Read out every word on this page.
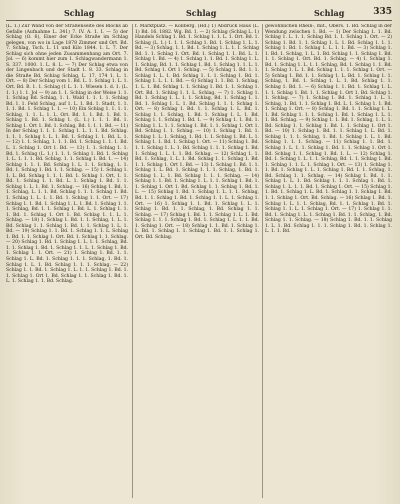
Schlag	Schlag	Schlag	335
(L. 1.) Zur Wand von der Straßenseite des Blocks ab Gefalle (Aufnahme L. 341) 7. IV. A. 1. I. — 5) der Schlag (O. 6), Einer der Ecke Straße im Schlag gelegen, von wo in Lage 1878 Zimmer und Ort. Bd. 7. Schlag, Tsch. L. 11 und Kilo 1844. 1. L. 7. Der Schlag sich ohne jeden Zusammenhang am Ort. 7. Jol. — 6) kommt hier zum 1. Schlagwandermann 1. S. 337. 1000. 1. L. 8. L. — 7) Der Schlag etwa von der Lingenbach und der Stadt 1. 8. 33. Schlag in die Straße Bd. Schlag Schlag, L. 17. 174 1. L. 1. Ort. — 8) Der Schlag vom 1. Bd. L. 1. Schlag 1. L. 1. Ort. Bd. B. 1. 1. Schlag (1 L. 1. 1. Wiesen 1. d. 1. (L. 1. 1.) 1. 1. Jol — 9) an 1. 1. Schlag in der Weise 1. 1. 1. Schlag Bd. Schlag, 1. 1. Wald 1. 1. 1. 1. Schlag Bd. 1. 1. Feld Schlag, auf 1. L. 1. Bd. 1. Stadt, 1. 1. 1. 1. Bd. 1. Schlag 1. 1. — 10) Ein Schlag 1. 1. 1. 1. Schlag, 1. 1. L. 1. L. Ort. Bd. 1. 1. Bd. 1. Bd. 1. Schlag 1. Bd. 1. Schlag 1. (L. 1.) 1. 1. 1. Bd. 1. Schlag 1. Ort 1. Bd. 1. Schlag, Bd. 1. 1. 1. Bd. — 11) In der Schlag 1. 1. 1. Schlag 1. L. 1. 1. Bd. Schlag. 1. 1. 1. Schlag 1. L. 1. Bd. 1. Schlag 1. 1. Bd. L. 1. — 12) 1. 1. Schlag, 1. 1. 1. Bd. 1. Schlag 1. 1. 1. Bd. L. 1. Schlag 1. Ort 1. Bd. — 13) 1. 1. Schlag 1. 1. Bd. 1. Schlag (L. 1.) 1. 1. 1. Schlag 1. Bd. 1. Schlag 1. L. 1. 1. 1. Bd. Schlag. 1. 1. Schlag 1. Bd. 1. — 14) Schlag 1. 1. 1. Bd. Schlag 1. L. 1. 1. Schlag, 1. 1. Bd. 1. Schlag 1. Bd. 1. 1. Schlag. — 15) 1. Schlag 1. 1. L. Bd. Schlag 1. 1. 1. Bd. 1. Schlag 1. Ort, 1. 1. Bd. 1. Schlag 1. 1. Bd. L. 1. Schlag 1. Bd. 1. 1. Schlag 1. L. 1. Bd. 1. Schlag. — 16) Schlag 1. Bd. 1. 1. Schlag, L. 1. 1. Bd. Schlag 1. 1. 1. Schlag 1. Bd. 1. Schlag 1. L. 1. 1. Bd. 1. Schlag 1. 1. Ort. — 17) Schlag 1. 1. Bd. 1. Schlag 1. L. 1. Bd. 1. Schlag 1. 1. 1. Schlag, Bd. 1. 1. Schlag 1. Bd. L. 1. Schlag 1. 1. 1. Bd. 1. Schlag 1. Ort 1. Bd. Schlag 1. 1. L. 1. Schlag. — 18) 1. Schlag 1. Bd. 1. 1. Schlag, 1. L. 1. Bd. Schlag 1. 1. Schlag 1. Bd. 1. 1. Schlag 1. L. 1. Bd. — 19) Schlag 1. 1. Bd. 1. Schlag 1. 1. L. Schlag 1. Bd. 1. 1. Schlag 1. Ort. Bd. 1. Schlag 1. 1. Schlag. — 20) Schlag 1. Bd. 1. Schlag 1. L. 1. 1. Schlag, Bd. 1. 1. Schlag 1. Bd. 1. Schlag 1. 1. L. 1. Schlag 1. Bd. 1. Schlag 1. 1. Ort. — 21) 1. Schlag 1. Bd. 1. 1. Schlag 1. L. Bd. 1. Schlag 1. 1. 1. Schlag, 1. Bd. 1. Schlag 1. L. 1. Bd. Schlag 1. 1. 1. Schlag. — 22) Schlag 1. 1. Bd. 1. Schlag 1. L. 1. 1. Schlag 1. Bd. 1. 1. Schlag 1. Ort 1. Bd. Schlag 1. 1. Schlag 1. Bd. 1. L. 1. Schlag 1. 1. Bd. Schlag.
f. Marktplatz. — Kollberg. (Hd.) 1) Abdruck Haus (L. 1) Bd. 16. 1882. Wg. Bd. 1. — 2) Schlag (Schlag L. 1) Handels Schlag 1. Bd. 1. Schlag 1. 1. L. 1. Ort. Bd. 1. Schlag (L. 1.) 1. 1. 1. Schlag 1. Bd. 1. Schlag 1. L. 1. Bd. — 3) Schlag, 1. 1. Bd. 1. Schlag 1. L. 1. 1. Schlag Bd. 1. 1. Schlag 1. Ort. Bd. 1. Schlag 1. 1. Bd. L. 1. Schlag 1. Bd. — 4) 1. Schlag 1. 1. Bd. 1. Schlag 1. L. 1. Schlag, Bd. 1. 1. Schlag 1. Bd. 1. Schlag 1. 1. L. 1. Bd. Schlag 1. Ort 1. Schlag. — 5) Schlag 1. Bd. 1. 1. Schlag 1. L. 1. Bd. Schlag 1. 1. 1. Schlag 1. Bd. 1. Schlag 1. L. 1. 1. Bd. — 6) Schlag 1. 1. Bd. 1. Schlag, 1. L. 1. Bd. Schlag 1. 1. Schlag 1. Bd. 1. 1. Schlag 1. Ort. Bd. 1. Schlag 1. 1. L. Schlag. — 7) 1. Schlag 1. Bd. 1. Schlag 1. L. 1. 1. Schlag, Bd. 1. Schlag 1. 1. Bd. 1. Schlag 1. L. 1. Bd. Schlag 1. 1. 1. Schlag 1. Ort. — 8) Schlag 1. Bd. 1. 1. Schlag 1. L. Bd. 1. Schlag 1. 1. Schlag, 1. Bd. 1. Schlag 1. L. 1. Bd. Schlag 1. 1. Schlag 1. Bd. 1. — 9) Schlag 1. 1. Bd. 1. Schlag 1. L. 1. 1. Schlag 1. Bd. 1. 1. Schlag 1. Ort 1. Bd. Schlag 1. 1. Schlag. — 10) 1. Schlag 1. Bd. 1. Schlag 1. L. 1. Schlag, 1. Bd. 1. 1. Schlag 1. Bd. L. 1. Schlag 1. 1. Bd. 1. Schlag 1. Ort. — 11) Schlag 1. Bd. 1. 1. Schlag 1. L. 1. Bd. Schlag 1. 1. 1. Schlag 1. Bd. 1. Schlag 1. L. 1. 1. Bd. Schlag. — 12) Schlag 1. 1. Bd. 1. Schlag, 1. L. 1. Bd. Schlag 1. 1. Schlag 1. Bd. 1. 1. Schlag 1. Ort 1. Bd. — 13) 1. Schlag 1. Bd. 1. 1. Schlag 1. L. Bd. 1. Schlag 1. 1. 1. Schlag, 1. Bd. 1. Schlag 1. L. 1. Bd. Schlag 1. 1. 1. Schlag. — 14) Schlag 1. 1. Bd. 1. Schlag 1. L. 1. 1. Schlag 1. Bd. 1. 1. Schlag 1. Ort 1. Bd. Schlag 1. 1. Schlag 1. Bd. 1. L. — 15) Schlag 1. Bd. 1. Schlag 1. L. 1. 1. Schlag, Bd. 1. 1. Schlag 1. Bd. 1. Schlag 1. 1. L. 1. Schlag 1. Ort. — 16) 1. Schlag 1. 1. Bd. 1. Schlag 1. L. 1. Schlag 1. Bd. 1. 1. Schlag, 1. Bd. Schlag 1. 1. Schlag. — 17) Schlag 1. Bd. 1. 1. Schlag 1. L. 1. Bd. Schlag 1. 1. 1. Schlag 1. Bd. 1. Schlag 1. L. 1. 1. Bd. 1. Schlag 1. Ort. — 18) Schlag 1. 1. Bd. 1. Schlag 1. L. Bd. 1. Schlag 1. 1. Schlag 1. Bd. 1. 1. Schlag 1. Ort. Bd. Schlag.
gewöhnlichen Rhein-, mit., Obers. 1. Bd. Schlag in der Wendung zwischen 1. Bd. — 1) Der Schlag 1. 1. Bd. Schlag 1. L. 1. 1. Schlag Bd. 1. 1. Schlag 1. Ort. — 2) Schlag 1. Bd. 1. 1. Schlag 1. L. 1. Bd. Schlag 1. 1. 1. Schlag 1. Bd. 1. Schlag 1. L. 1. 1. Bd. — 3) Schlag 1. 1. Bd. 1. Schlag, 1. L. 1. Bd. Schlag 1. 1. Schlag 1. Bd. 1. 1. Schlag 1. Ort. Bd. 1. Schlag. — 4) 1. Schlag 1. Bd. 1. Schlag 1. L. 1. 1. Schlag, Bd. 1. Schlag 1. 1. Bd. 1. Schlag 1. L. 1. Bd. Schlag 1. 1. 1. Schlag 1. Ort. — 5) Schlag 1. Bd. 1. 1. Schlag 1. L. Bd. 1. Schlag 1. 1. Schlag, 1. Bd. 1. Schlag 1. L. 1. Bd. Schlag 1. 1. Schlag 1. Bd. 1. — 6) Schlag 1. 1. Bd. 1. Schlag 1. L. 1. 1. Schlag 1. Bd. 1. 1. Schlag 1. Ort 1. Bd. Schlag 1. 1. Schlag. — 7) 1. Schlag 1. Bd. 1. Schlag 1. L. 1. Schlag, 1. Bd. 1. 1. Schlag 1. Bd. L. 1. Schlag 1. 1. Bd. 1. Schlag 1. Ort. — 8) Schlag 1. Bd. 1. 1. Schlag 1. L. 1. Bd. Schlag 1. 1. 1. Schlag 1. Bd. 1. Schlag 1. L. 1. 1. Bd. Schlag. — 9) Schlag 1. 1. Bd. 1. Schlag, 1. L. 1. Bd. Schlag 1. 1. Schlag 1. Bd. 1. 1. Schlag 1. Ort 1. Bd. — 10) 1. Schlag 1. Bd. 1. 1. Schlag 1. L. Bd. 1. Schlag 1. 1. 1. Schlag, 1. Bd. 1. Schlag 1. L. 1. Bd. Schlag 1. 1. 1. Schlag. — 11) Schlag 1. 1. Bd. 1. Schlag 1. L. 1. 1. Schlag 1. Bd. 1. 1. Schlag 1. Ort 1. Bd. Schlag 1. 1. Schlag 1. Bd. 1. L. — 12) Schlag 1. Bd. 1. Schlag 1. L. 1. 1. Schlag, Bd. 1. 1. Schlag 1. Bd. 1. Schlag 1. 1. L. 1. Schlag 1. Ort. — 13) 1. Schlag 1. 1. Bd. 1. Schlag 1. L. 1. Schlag 1. Bd. 1. 1. Schlag, 1. Bd. Schlag 1. 1. Schlag. — 14) Schlag 1. Bd. 1. 1. Schlag 1. L. 1. Bd. Schlag 1. 1. 1. Schlag 1. Bd. 1. Schlag 1. L. 1. 1. Bd. 1. Schlag 1. Ort. — 15) Schlag 1. 1. Bd. 1. Schlag 1. L. Bd. 1. Schlag 1. 1. Schlag 1. Bd. 1. 1. Schlag 1. Ort. Bd. Schlag. — 16) Schlag 1. Bd. 1. Schlag 1. L. 1. 1. Schlag, Bd. 1. 1. Schlag 1. Bd. 1. Schlag 1. 1. L. 1. Schlag 1. Ort. — 17) 1. Schlag 1. 1. Bd. 1. Schlag 1. L. 1. Schlag 1. Bd. 1. 1. Schlag, 1. Bd. Schlag 1. 1. Schlag. — 18) Schlag 1. Bd. 1. 1. Schlag 1. L. 1. Bd. Schlag 1. 1. 1. Schlag 1. Bd. 1. Schlag 1. L. 1. 1. Bd.
